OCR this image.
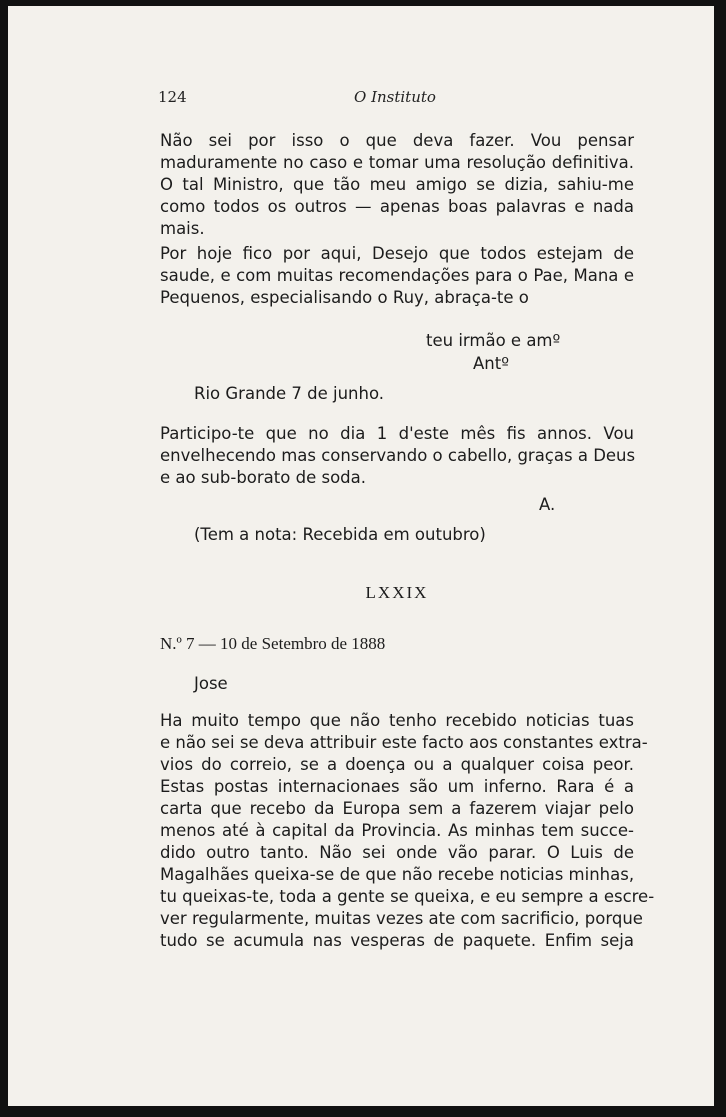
124	O Instituto
Não sei por isso o que deva fazer. Vou pensar
maduramente no caso e tomar uma resolução definitiva.
O tal Ministro, que tão meu amigo se dizia, sahiu-me
como todos os outros — apenas boas palavras e nada
mais.
Por hoje fico por aqui, Desejo que todos estejam de
saude, e com muitas recomendações para o Pae, Mana e
Pequenos, especialisando o Ruy, abraça-te o
teu irmão e amº
Antº
Rio Grande 7 de junho.
Participo-te que no dia 1 d'este mês fis annos. Vou
envelhecendo mas conservando o cabello, graças a Deus
e ao sub-borato de soda.
A.
(Tem a nota: Recebida em outubro)
LXXIX
N.º 7 — 10 de Setembro de 1888
Jose
Ha muito tempo que não tenho recebido noticias tuas
e não sei se deva attribuir este facto aos constantes extra-
vios do correio, se a doença ou a qualquer coisa peor.
Estas postas internacionaes são um inferno. Rara é a
carta que recebo da Europa sem a fazerem viajar pelo
menos até à capital da Provincia. As minhas tem succe-
dido outro tanto. Não sei onde vão parar. O Luis de
Magalhães queixa-se de que não recebe noticias minhas,
tu queixas-te, toda a gente se queixa, e eu sempre a escre-
ver regularmente, muitas vezes ate com sacrificio, porque
tudo se acumula nas vesperas de paquete. Enfim seja
